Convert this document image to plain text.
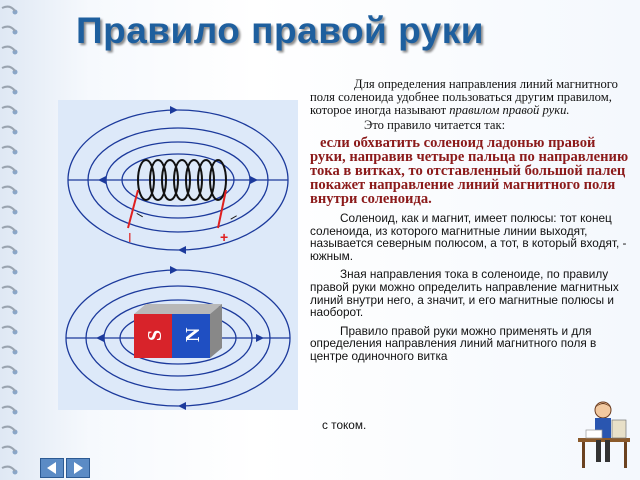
Правило правой руки
I	+
I	I
S N

Для определения направления линий магнитного поля соленоида удобнее пользоваться другим правилом, которое иногда называют правилом правой руки.

Это правило читается так:

если обхватить соленоид ладонью правой руки, направив четыре пальца по направлению тока в витках, то отставленный большой палец покажет направление линий магнитного поля внутри соленоида.

Соленоид, как и магнит, имеет полюсы: тот конец соленоида, из которого магнитные линии выходят, называется северным полюсом, а тот, в который входят, - южным.

Зная направления тока в соленоиде, по правилу правой руки можно определить направление магнитных линий внутри него, а значит, и его магнитные полюсы и наоборот.

Правило правой руки можно применять и для определения направления линий магнитного поля в центре одиночного витка

с током.
